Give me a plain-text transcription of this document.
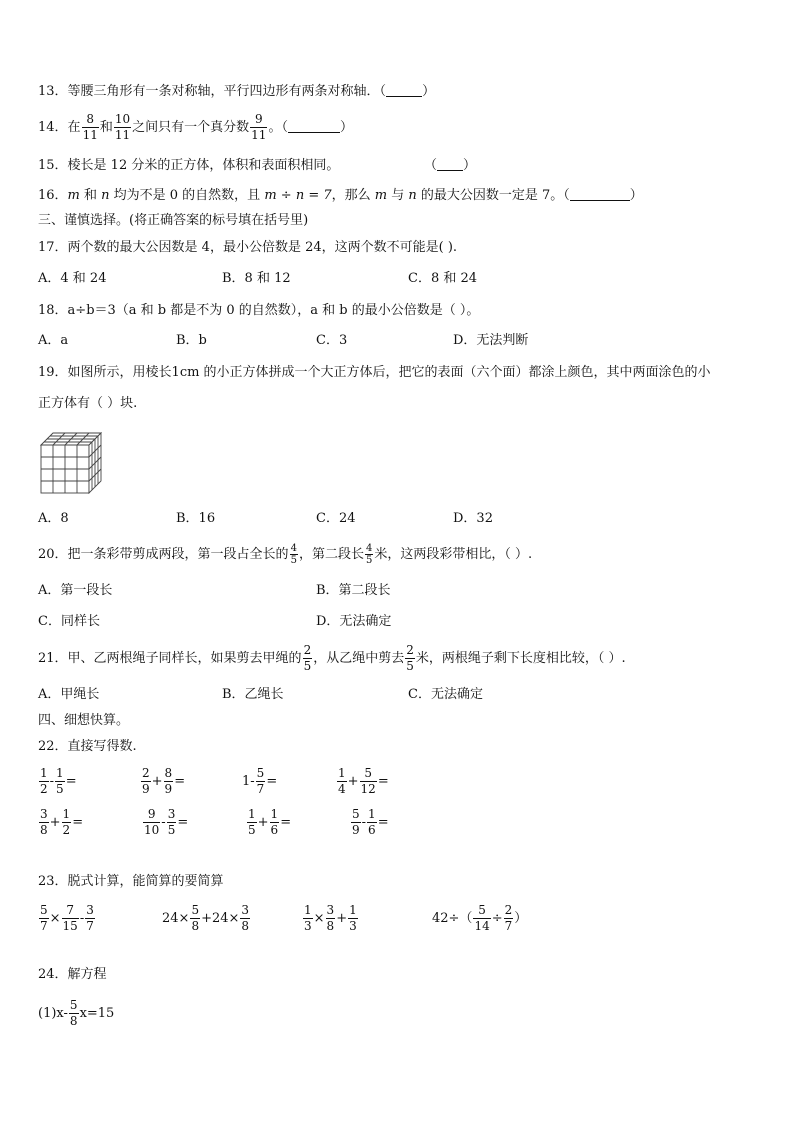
13．等腰三角形有一条对称轴，平行四边形有两条对称轴．（	）
14．在 $\frac{8}{11}$ 和 $\frac{10}{11}$ 之间只有一个真分数 $\frac{9}{11}$ 。（	）
15．棱长是 12 分米的正方体，体积和表面积相同。	（ ）
16．m 和 n 均为不是 0 的自然数，且 m ÷ n = 7，那么 m 与 n 的最大公因数一定是 7。（	）
三、谨慎选择。(将正确答案的标号填在括号里)
17．两个数的最大公因数是 4，最小公倍数是 24，这两个数不可能是( ).
A．4 和 24	B．8 和 12	C．8 和 24
18．a÷b＝3（a 和 b 都是不为 0 的自然数），a 和 b 的最小公倍数是（ ）。
A．a	B．b	C．3	D．无法判断
19．如图所示，用棱长1cm 的小正方体拼成一个大正方体后，把它的表面（六个面）都涂上颜色，其中两面涂色的小
正方体有（ ）块.
A．8	B．16	C．24	D．32
20．把一条彩带剪成两段，第一段占全长的 $\frac{4}{5}$ ，第二段长 $\frac{4}{5}$ 米，这两段彩带相比，（ ）.
A．第一段长	B．第二段长
C．同样长	D．无法确定
21．甲、乙两根绳子同样长，如果剪去甲绳的 $\frac{2}{5}$ ，从乙绳中剪去 $\frac{2}{5}$ 米，两根绳子剩下长度相比较，（ ）.
A．甲绳长	B．乙绳长	C．无法确定
四、细想快算。
22．直接写得数.
$\frac{1}{2} - \frac{1}{5}$ =	$\frac{2}{9} + \frac{8}{9}$ =	$1- \frac{5}{7}$ =	$\frac{1}{4} + \frac{5}{12}$ =
$\frac{3}{8} + \frac{1}{2}$ =	$\frac{9}{10} - \frac{3}{5}$ =	$\frac{1}{5} + \frac{1}{6}$ =	$\frac{5}{9} - \frac{1}{6}$ =
23．脱式计算，能简算的要简算
$\frac{5}{7} \times \frac{7}{15} - \frac{3}{7}$	$24\times \frac{5}{8} +24\times \frac{3}{8}$	$\frac{1}{3} \times \frac{3}{8} + \frac{1}{3}$	$42\div( \frac{5}{14} \div \frac{2}{7}$ ）
24．解方程
$(1)x- \frac{5}{8} x=15$
